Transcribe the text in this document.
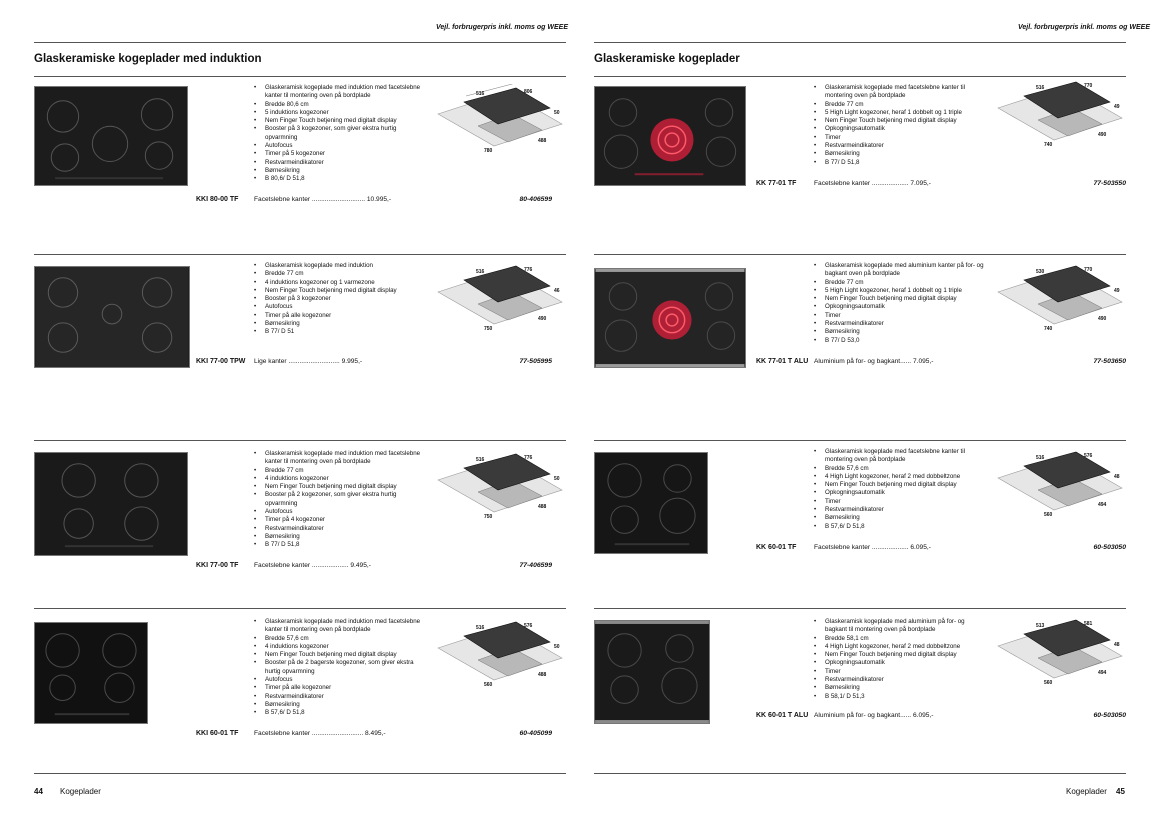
Vejl. forbrugerpris inkl. moms og WEEE
Glaskeramiske kogeplader med induktion
KKI 80-00 TF
• Glaskeramisk kogeplade med induktion med facetslebne kanter til montering oven på bordplade
• Bredde 80,6 cm
• 5 induktions kogezoner
• Nem Finger Touch betjening med digitalt display
• Booster på 3 kogezoner, som giver ekstra hurtig opvarmning
• Autofocus
• Timer på 5 kogezoner
• Restvarmeindikatorer
• Børnesikring
• B 80,6/ D 51,8
Facetslebne kanter ............................. 10.995,-	80-406599
516	806
50
488
780
KKI 77-00 TPW
• Glaskeramisk kogeplade med induktion
• Bredde 77 cm
• 4 induktions kogezoner og 1 varmezone
• Nem Finger Touch betjening med digitalt display
• Booster på 3 kogezoner
• Autofocus
• Timer på alle kogezoner
• Børnesikring
• B 77/ D 51
Lige kanter ............................ 9.995,-	77-505995
516	776
46
490
750
KKI 77-00 TF
• Glaskeramisk kogeplade med induktion med facetslebne kanter til montering oven på bordplade
• Bredde 77 cm
• 4 induktions kogezoner
• Nem Finger Touch betjening med digitalt display
• Booster på 2 kogezoner, som giver ekstra hurtig opvarmning
• Autofocus
• Timer på 4 kogezoner
• Restvarmeindikatorer
• Børnesikring
• B 77/ D 51,8
Facetslebne kanter .................... 9.495,-	77-406599
516	776
50
488
750
KKI 60-01 TF
• Glaskeramisk kogeplade med induktion med facetslebne kanter til montering oven på bordplade
• Bredde 57,6 cm
• 4 induktions kogezoner
• Nem Finger Touch betjening med digitalt display
• Booster på de 2 bagerste kogezoner, som giver ekstra hurtig opvarmning
• Autofocus
• Timer på alle kogezoner
• Restvarmeindikatorer
• Børnesikring
• B 57,6/ D 51,8
Facetslebne kanter ............................ 8.495,-	60-405099
516	576
50
488
560
44 Kogeplader
Vejl. forbrugerpris inkl. moms og WEEE
Glaskeramiske kogeplader
KK 77-01 TF
• Glaskeramisk kogeplade med facetslebne kanter til montering oven på bordplade
• Bredde 77 cm
• 5 High Light kogezoner, heraf 1 dobbelt og 1 triple
• Nem Finger Touch betjening med digitalt display
• Opkogningsautomatik
• Timer
• Restvarmeindikatorer
• Børnesikring
• B 77/ D 51,8
Facetslebne kanter .................... 7.095,-	77-503550
516	770
49
490
740
KK 77-01 T ALU
• Glaskeramisk kogeplade med aluminium kanter på for- og bagkant oven på bordplade
• Bredde 77 cm
• 5 High Light kogezoner, heraf 1 dobbelt og 1 triple
• Nem Finger Touch betjening med digitalt display
• Opkogningsautomatik
• Timer
• Restvarmeindikatorer
• Børnesikring
• B 77/ D 53,0
Aluminium på for- og bagkant...... 7.095,-	77-503650
530	770
49
490
740
KK 60-01 TF
• Glaskeramisk kogeplade med facetslebne kanter til montering oven på bordplade
• Bredde 57,6 cm
• 4 High Light kogezoner, heraf 2 med dobbeltzone
• Nem Finger Touch betjening med digitalt display
• Opkogningsautomatik
• Timer
• Restvarmeindikatorer
• Børnesikring
• B 57,6/ D 51,8
Facetslebne kanter .................... 6.095,-	60-503050
516	576
48
494
560
KK 60-01 T ALU
• Glaskeramisk kogeplade med aluminium på for- og bagkant til montering oven på bordplade
• Bredde 58,1 cm
• 4 High Light kogezoner, heraf 2 med dobbeltzone
• Nem Finger Touch betjening med digitalt display
• Opkogningsautomatik
• Timer
• Restvarmeindikatorer
• Børnesikring
• B 58,1/ D 51,3
Aluminium på for- og bagkant...... 6.095,-	60-503050
513	581
48
494
560
Kogeplader 45
